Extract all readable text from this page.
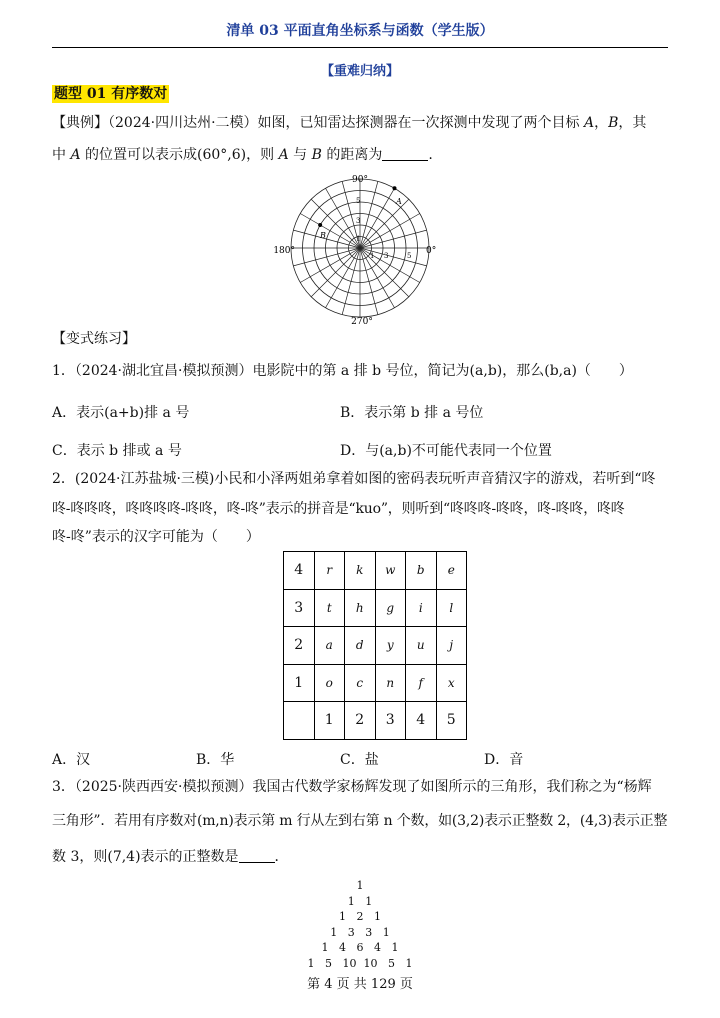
清单 03 平面直角坐标系与函数（学生版）
【重难归纳】
题型 01 有序数对
【典例】（2024·四川达州·二模）如图，已知雷达探测器在一次探测中发现了两个目标 A，B，其
中 A 的位置可以表示成(60°,6)，则 A 与 B 的距离为	.
90°
180°	0°
270°
A
B
1 3	5
1
3
5
【变式练习】
1．（2024·湖北宜昌·模拟预测）电影院中的第 a 排 b 号位，简记为(a,b)，那么(b,a)（　　）
A．表示(a+b)排 a 号	B．表示第 b 排 a 号位
C．表示 b 排或 a 号	D．与(a,b)不可能代表同一个位置
2．(2024·江苏盐城·三模)小民和小泽两姐弟拿着如图的密码表玩听声音猜汉字的游戏，若听到“咚
咚-咚咚咚，咚咚咚咚-咚咚，咚-咚”表示的拼音是“kuo”，则听到“咚咚咚-咚咚，咚-咚咚，咚咚
咚-咚”表示的汉字可能为（　　）
4	r	k	w	b	e
3	t	h	g	i	l
2	a	d	y	u	j
1	o	c	n	f	x
	1	2	3	4	5
A．汉	B．华	C．盐	D．音
3．（2025·陕西西安·模拟预测）我国古代数学家杨辉发现了如图所示的三角形，我们称之为“杨辉
三角形”．若用有序数对(m,n)表示第 m 行从左到右第 n 个数，如(3,2)表示正整数 2，(4,3)表示正整
数 3，则(7,4)表示的正整数是	．
1
1   1
1   2   1
1   3   3   1
1   4   6   4   1
1   5   10  10   5   1
第 4 页 共 129 页
